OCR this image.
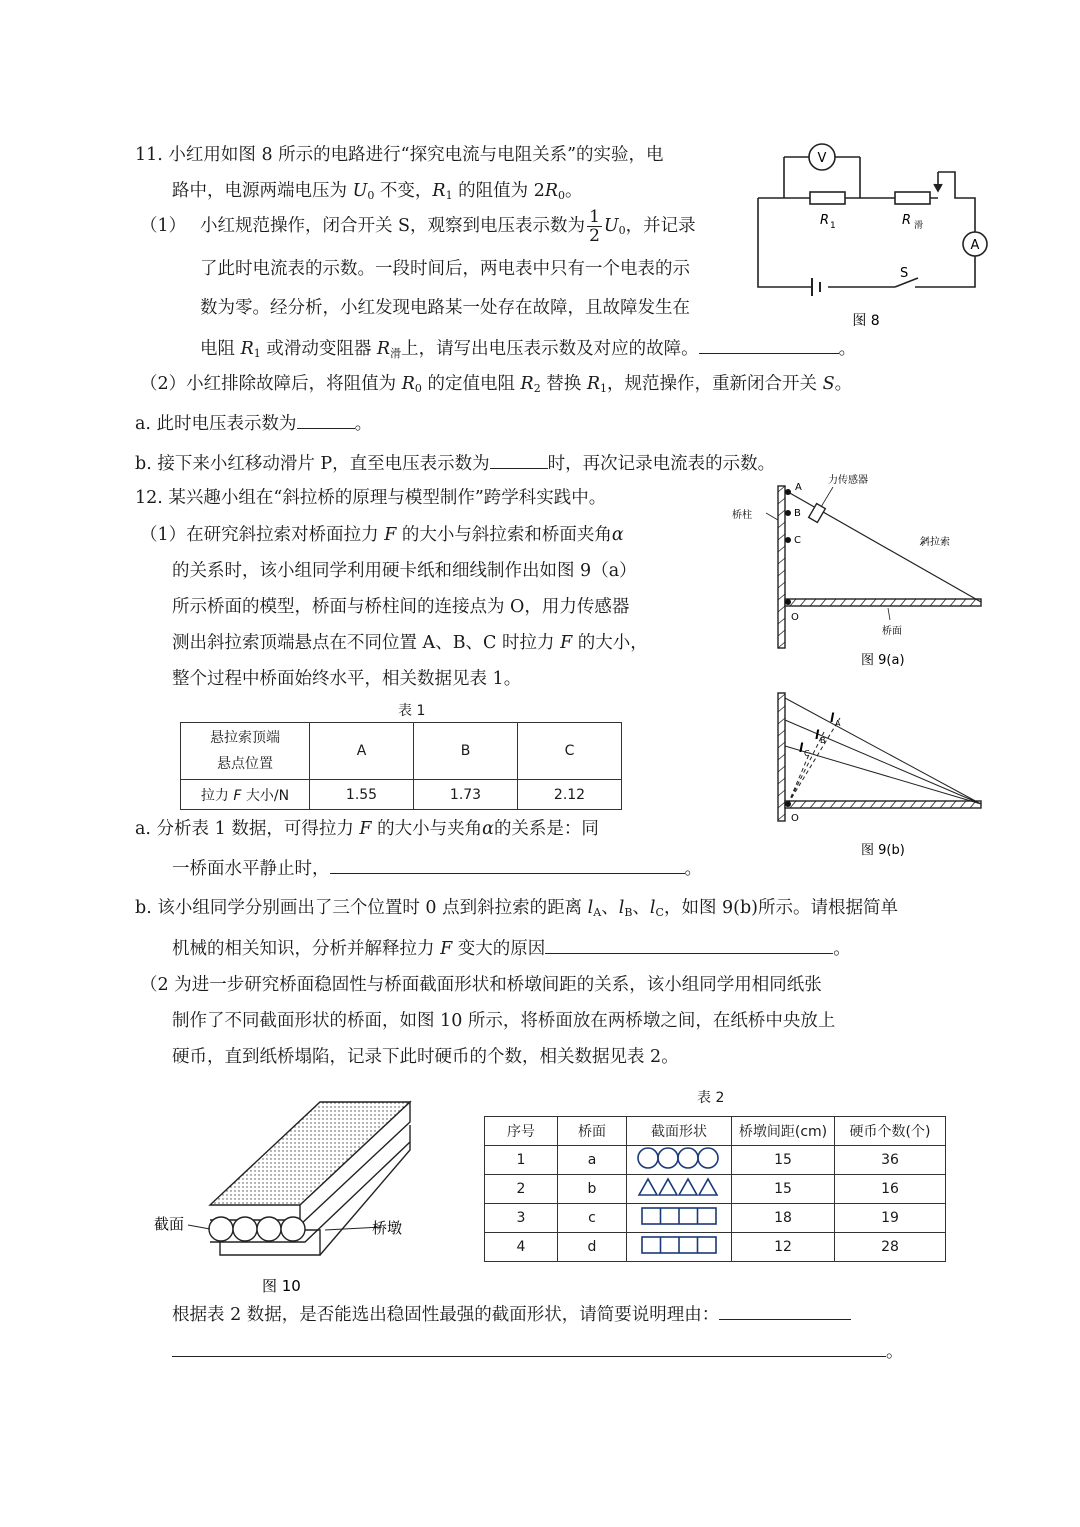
11. 小红用如图 8 所示的电路进行“探究电流与电阻关系”的实验，电
路中，电源两端电压为 $U_0$ 不变，$R_1$ 的阻值为 $2R_0$。
（1） 小红规范操作，闭合开关 S，观察到电压表示数为 $\frac{1}{2} U_0$，并记录
了此时电流表的示数。一段时间后，两电表中只有一个电表的示
数为零。经分析，小红发现电路某一处存在故障，且故障发生在
电阻 $R_1$ 或滑动变阻器 $R_滑$上，请写出电压表示数及对应的故障。	。
（2）小红排除故障后，将阻值为 $R_0$ 的定值电阻 $R_2$ 替换 $R_1$，规范操作，重新闭合开关 S。
a. 此时电压表示数为	。
b. 接下来小红移动滑片 P，直至电压表示数为	时，再次记录电流表的示数。
V
A
R 1	R 滑
S
图 8
12. 某兴趣小组在“斜拉桥的原理与模型制作”跨学科实践中。
（1）在研究斜拉索对桥面拉力 F 的大小与斜拉索和桥面夹角α
的关系时，该小组同学利用硬卡纸和细线制作出如图 9（a）
所示桥面的模型，桥面与桥柱间的连接点为 O，用力传感器
测出斜拉索顶端悬点在不同位置 A、B、C 时拉力 F 的大小，
整个过程中桥面始终水平，相关数据见表 1。
表 1
悬拉索顶端
悬点位置	A	B	C
拉力 F 大小/N	1.55	1.73	2.12
a. 分析表 1 数据，可得拉力 F 的大小与夹角α的关系是：同
一桥面水平静止时，	。
b. 该小组同学分别画出了三个位置时 0 点到斜拉索的距离 $l_A$、$l_B$、$l_C$，如图 9(b)所示。请根据简单
机械的相关知识，分析并解释拉力 F 变大的原因	。
（2 为进一步研究桥面稳固性与桥面截面形状和桥墩间距的关系，该小组同学用相同纸张
制作了不同截面形状的桥面，如图 10 所示，将桥面放在两桥墩之间，在纸桥中央放上
硬币，直到纸桥塌陷，记录下此时硬币的个数，相关数据见表 2。
A
B
C
O
力传感器
桥柱
斜拉索
桥面
图 9(a)
l A
l B
l C
O
图 9(b)
截面	桥墩
图 10
表 2
序号	桥面	截面形状	桥墩间距(cm)	硬币个数(个)
1	a		15	36
2	b		15	16
3	c		18	19
4	d		12	28
根据表 2 数据，是否能选出稳固性最强的截面形状，请简要说明理由：
。
